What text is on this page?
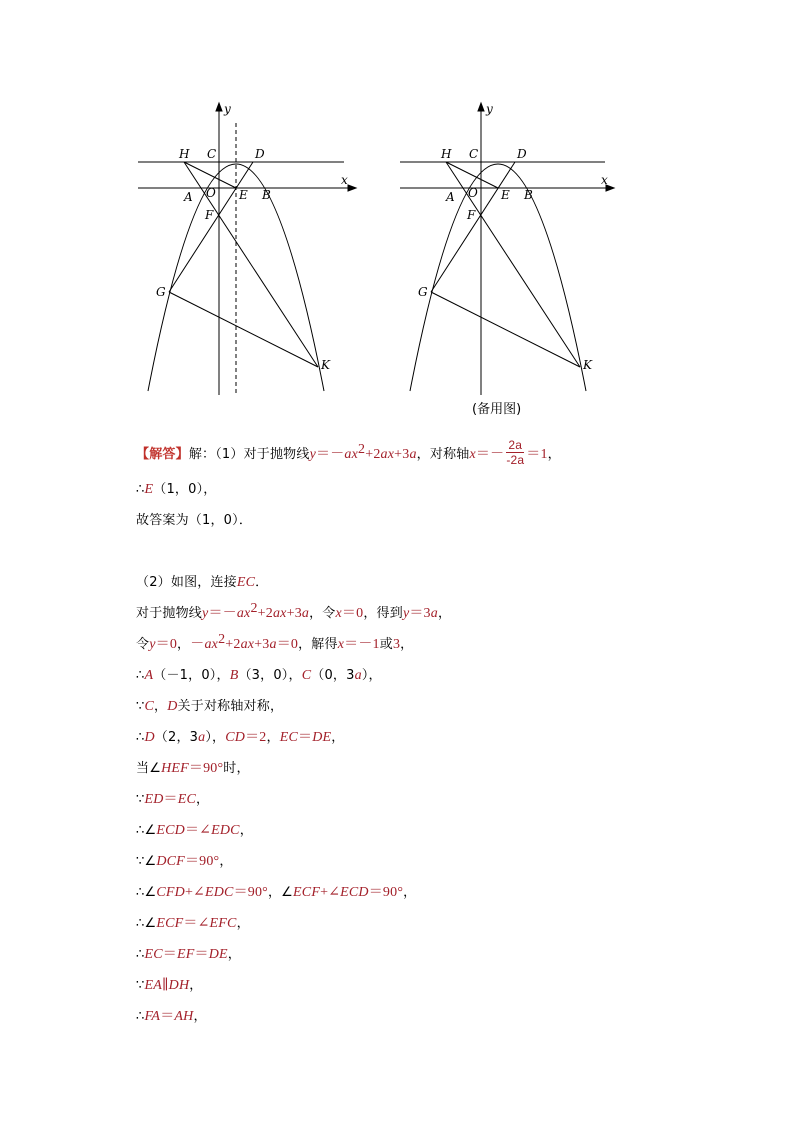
y
x
H C	D
O E B
A
F
G
K
y
x
H C	D
O E B
A
F
G
K
(备用图)
【解答】解：（1）对于抛物线$y=-ax^2+2ax+3a$，对称轴$x=- \frac{2a}{-2a} =1$，
∴E（1，0），
故答案为（1，0）．
（2）如图，连接EC．
对于抛物线$y=-ax^2+2ax+3a$，令x＝0，得到y＝3a，
令y＝0，$-ax^2+2ax+3a=0$，解得x＝－1或3，
∴A（－1，0），B（3，0），C（0，3a），
∵C，D关于对称轴对称，
∴D（2，3a），CD＝2，EC＝DE，
当∠HEF＝90°时，
∵ED＝EC，
∴∠ECD＝∠EDC，
∵∠DCF＝90°，
∴∠CFD+∠EDC＝90°，∠ECF+∠ECD＝90°，
∴∠ECF＝∠EFC，
∴EC＝EF＝DE，
∵EA∥DH，
∴FA＝AH，
